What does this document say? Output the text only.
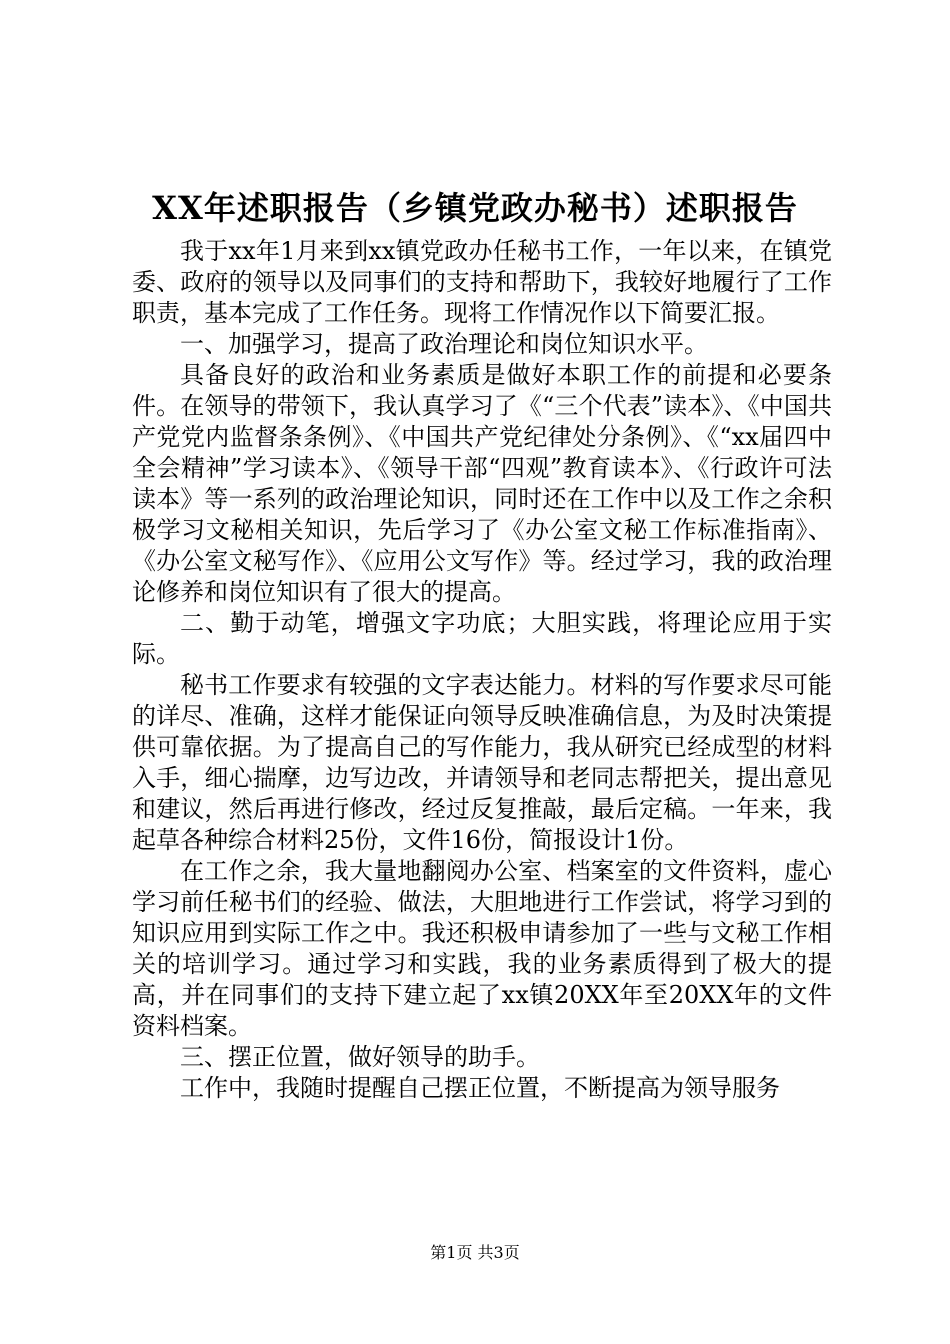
XX年述职报告（乡镇党政办秘书）述职报告

我于xx年1月来到xx镇党政办任秘书工作，一年以来，在镇党委、政府的领导以及同事们的支持和帮助下，我较好地履行了工作职责，基本完成了工作任务。现将工作情况作以下简要汇报。

一、加强学习，提高了政治理论和岗位知识水平。

具备良好的政治和业务素质是做好本职工作的前提和必要条件。在领导的带领下，我认真学习了《“三个代表”读本》、《中国共产党党内监督条条例》、《中国共产党纪律处分条例》、《“xx届四中全会精神”学习读本》、《领导干部“四观”教育读本》、《行政许可法读本》等一系列的政治理论知识，同时还在工作中以及工作之余积极学习文秘相关知识，先后学习了《办公室文秘工作标准指南》、《办公室文秘写作》、《应用公文写作》等。经过学习，我的政治理论修养和岗位知识有了很大的提高。

二、勤于动笔，增强文字功底；大胆实践，将理论应用于实际。

秘书工作要求有较强的文字表达能力。材料的写作要求尽可能的详尽、准确，这样才能保证向领导反映准确信息，为及时决策提供可靠依据。为了提高自己的写作能力，我从研究已经成型的材料入手，细心揣摩，边写边改，并请领导和老同志帮把关，提出意见和建议，然后再进行修改，经过反复推敲，最后定稿。一年来，我起草各种综合材料25份，文件16份，简报设计1份。

在工作之余，我大量地翻阅办公室、档案室的文件资料，虚心学习前任秘书们的经验、做法，大胆地进行工作尝试，将学习到的知识应用到实际工作之中。我还积极申请参加了一些与文秘工作相关的培训学习。通过学习和实践，我的业务素质得到了极大的提高，并在同事们的支持下建立起了xx镇20XX年至20XX年的文件资料档案。

三、摆正位置，做好领导的助手。

工作中，我随时提醒自己摆正位置，不断提高为领导服务

第1页 共3页
